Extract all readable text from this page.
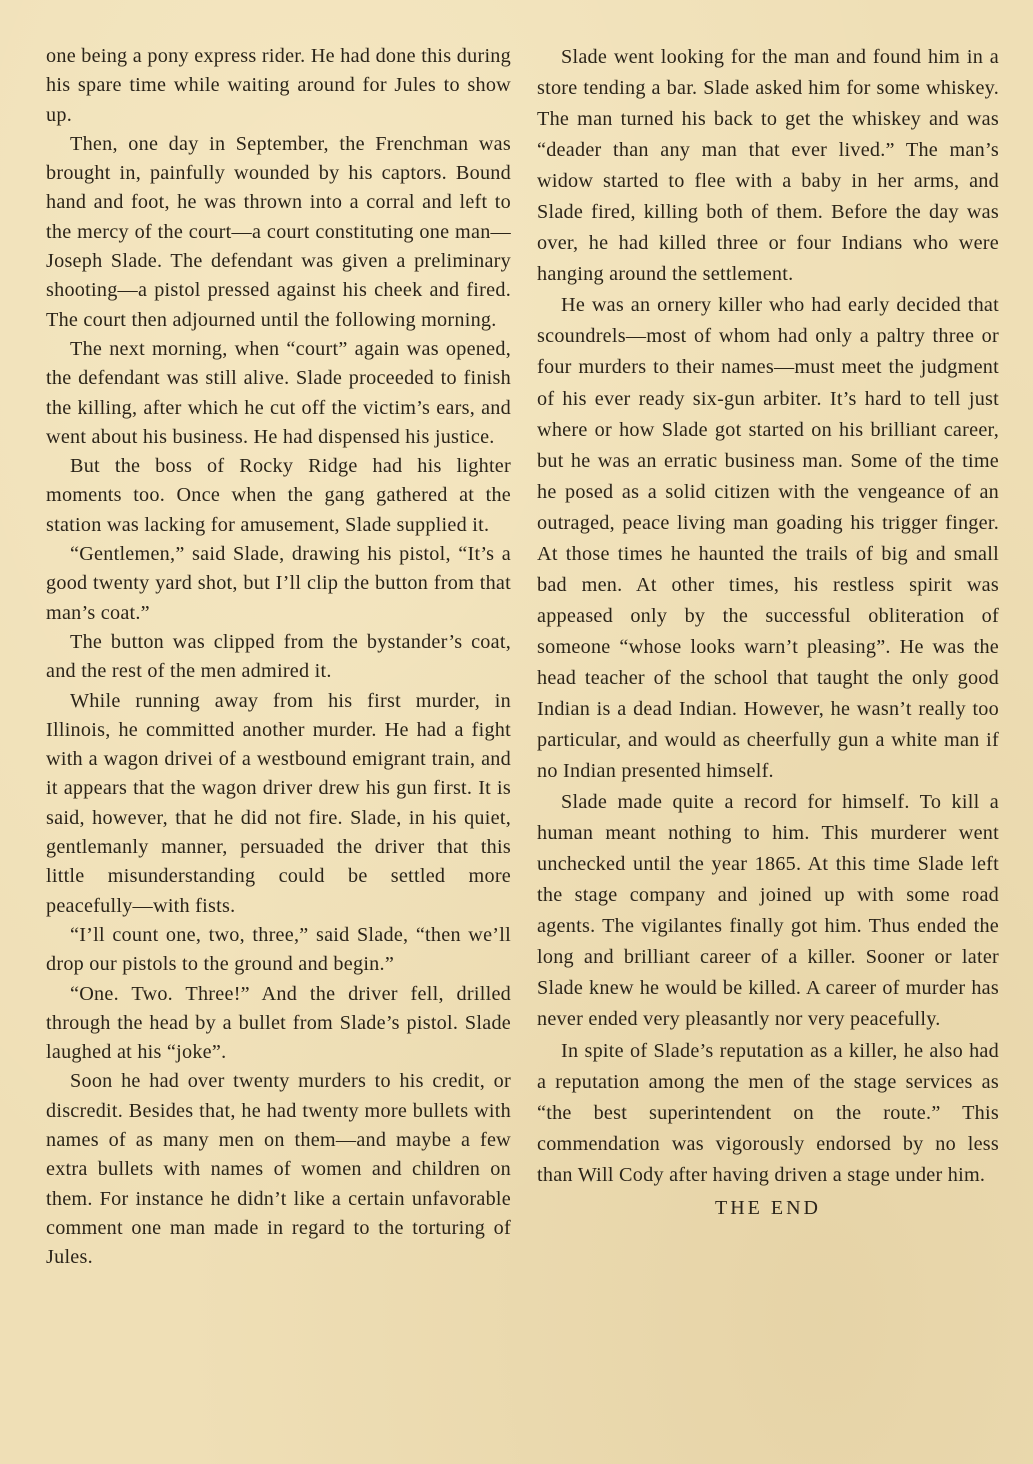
one being a pony express rider. He had done this during his spare time while waiting around for Jules to show up.

Then, one day in September, the Frenchman was brought in, painfully wounded by his captors. Bound hand and foot, he was thrown into a corral and left to the mercy of the court—a court constituting one man—Joseph Slade. The defendant was given a preliminary shooting—a pistol pressed against his cheek and fired. The court then adjourned until the following morning.

The next morning, when “court” again was opened, the defendant was still alive. Slade proceeded to finish the killing, after which he cut off the victim’s ears, and went about his business. He had dispensed his justice.

But the boss of Rocky Ridge had his lighter moments too. Once when the gang gathered at the station was lacking for amusement, Slade supplied it.

“Gentlemen,” said Slade, drawing his pistol, “It’s a good twenty yard shot, but I’ll clip the button from that man’s coat.”

The button was clipped from the bystander’s coat, and the rest of the men admired it.

While running away from his first murder, in Illinois, he committed another murder. He had a fight with a wagon drivei of a westbound emigrant train, and it appears that the wagon driver drew his gun first. It is said, however, that he did not fire. Slade, in his quiet, gentlemanly manner, persuaded the driver that this little misunderstanding could be settled more peacefully—with fists.

“I’ll count one, two, three,” said Slade, “then we’ll drop our pistols to the ground and begin.”

“One. Two. Three!” And the driver fell, drilled through the head by a bullet from Slade’s pistol. Slade laughed at his “joke”.

Soon he had over twenty murders to his credit, or discredit. Besides that, he had twenty more bullets with names of as many men on them—and maybe a few extra bullets with names of women and children on them. For instance he didn’t like a certain unfavorable comment one man made in regard to the torturing of Jules.

Slade went looking for the man and found him in a store tending a bar. Slade asked him for some whiskey. The man turned his back to get the whiskey and was “deader than any man that ever lived.” The man’s widow started to flee with a baby in her arms, and Slade fired, killing both of them. Before the day was over, he had killed three or four Indians who were hanging around the settlement.

He was an ornery killer who had early decided that scoundrels—most of whom had only a paltry three or four murders to their names—must meet the judgment of his ever ready six-gun arbiter. It’s hard to tell just where or how Slade got started on his brilliant career, but he was an erratic business man. Some of the time he posed as a solid citizen with the vengeance of an outraged, peace living man goading his trigger finger. At those times he haunted the trails of big and small bad men. At other times, his restless spirit was appeased only by the successful obliteration of someone “whose looks warn’t pleasing”. He was the head teacher of the school that taught the only good Indian is a dead Indian. However, he wasn’t really too particular, and would as cheerfully gun a white man if no Indian presented himself.

Slade made quite a record for himself. To kill a human meant nothing to him. This murderer went unchecked until the year 1865. At this time Slade left the stage company and joined up with some road agents. The vigilantes finally got him. Thus ended the long and brilliant career of a killer. Sooner or later Slade knew he would be killed. A career of murder has never ended very pleasantly nor very peacefully.

In spite of Slade’s reputation as a killer, he also had a reputation among the men of the stage services as “the best superintendent on the route.” This commendation was vigorously endorsed by no less than Will Cody after having driven a stage under him.

THE END
